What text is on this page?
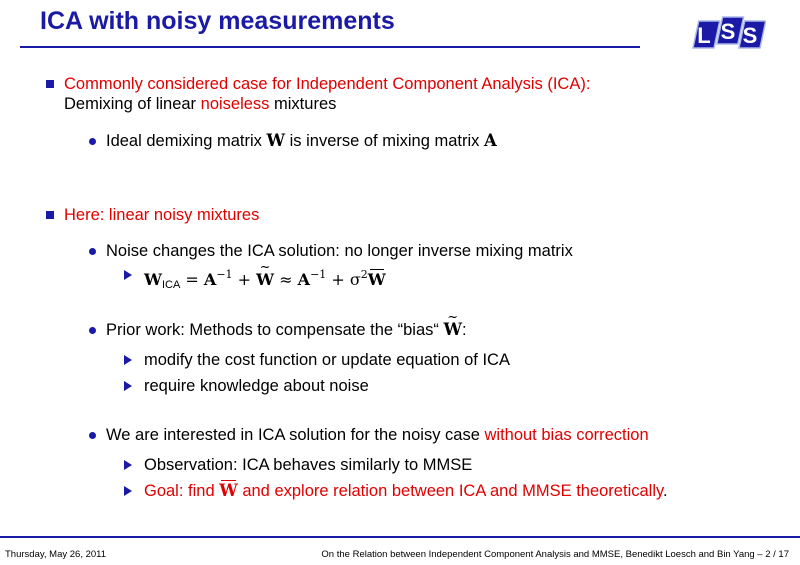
ICA with noisy measurements
L S S
Commonly considered case for Independent Component Analysis (ICA):
Demixing of linear noiseless mixtures
Ideal demixing matrix W is inverse of mixing matrix A
Here: linear noisy mixtures
Noise changes the ICA solution: no longer inverse mixing matrix
$W_{ICA} = A^{-1}$ + ~ $W \approx A^{-1} + \sigma^2W$
Prior work: Methods to compensate the “bias“ ~ W:
modify the cost function or update equation of ICA
require knowledge about noise
We are interested in ICA solution for the noisy case without bias correction
Observation: ICA behaves similarly to MMSE
Goal: find W and explore relation between ICA and MMSE theoretically.
Thursday, May 26, 2011	On the Relation between Independent Component Analysis and MMSE, Benedikt Loesch and Bin Yang – 2 / 17
